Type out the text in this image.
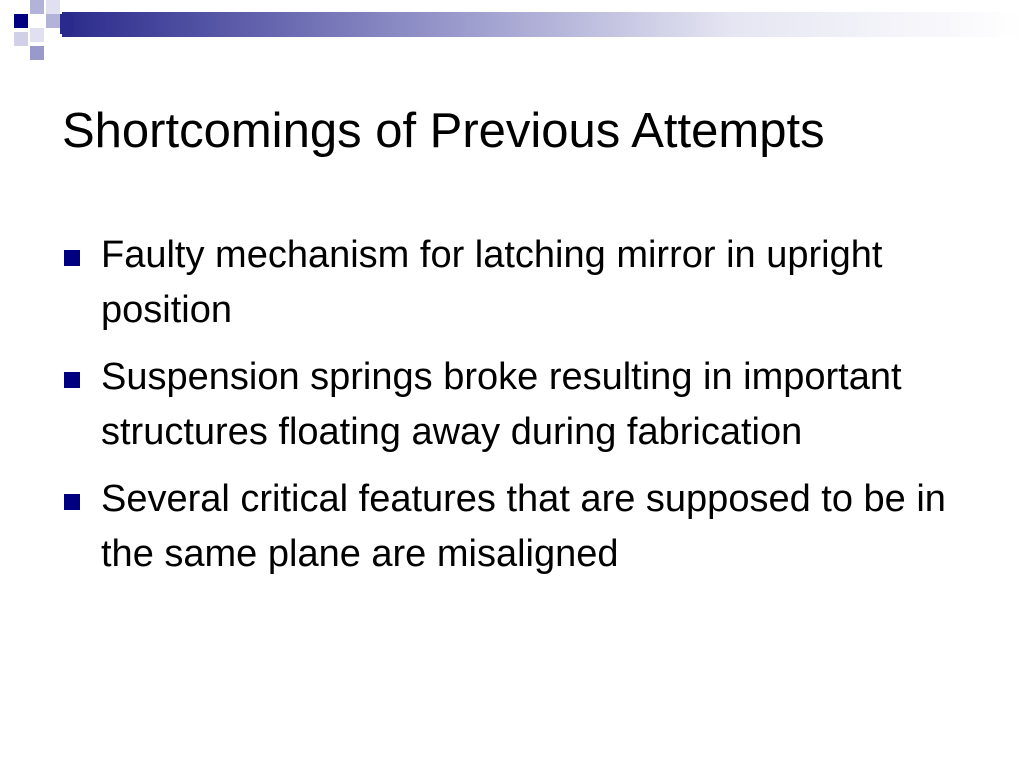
Shortcomings of Previous Attempts
Faulty mechanism for latching mirror in upright position
Suspension springs broke resulting in important structures floating away during fabrication
Several critical features that are supposed to be in the same plane are misaligned
